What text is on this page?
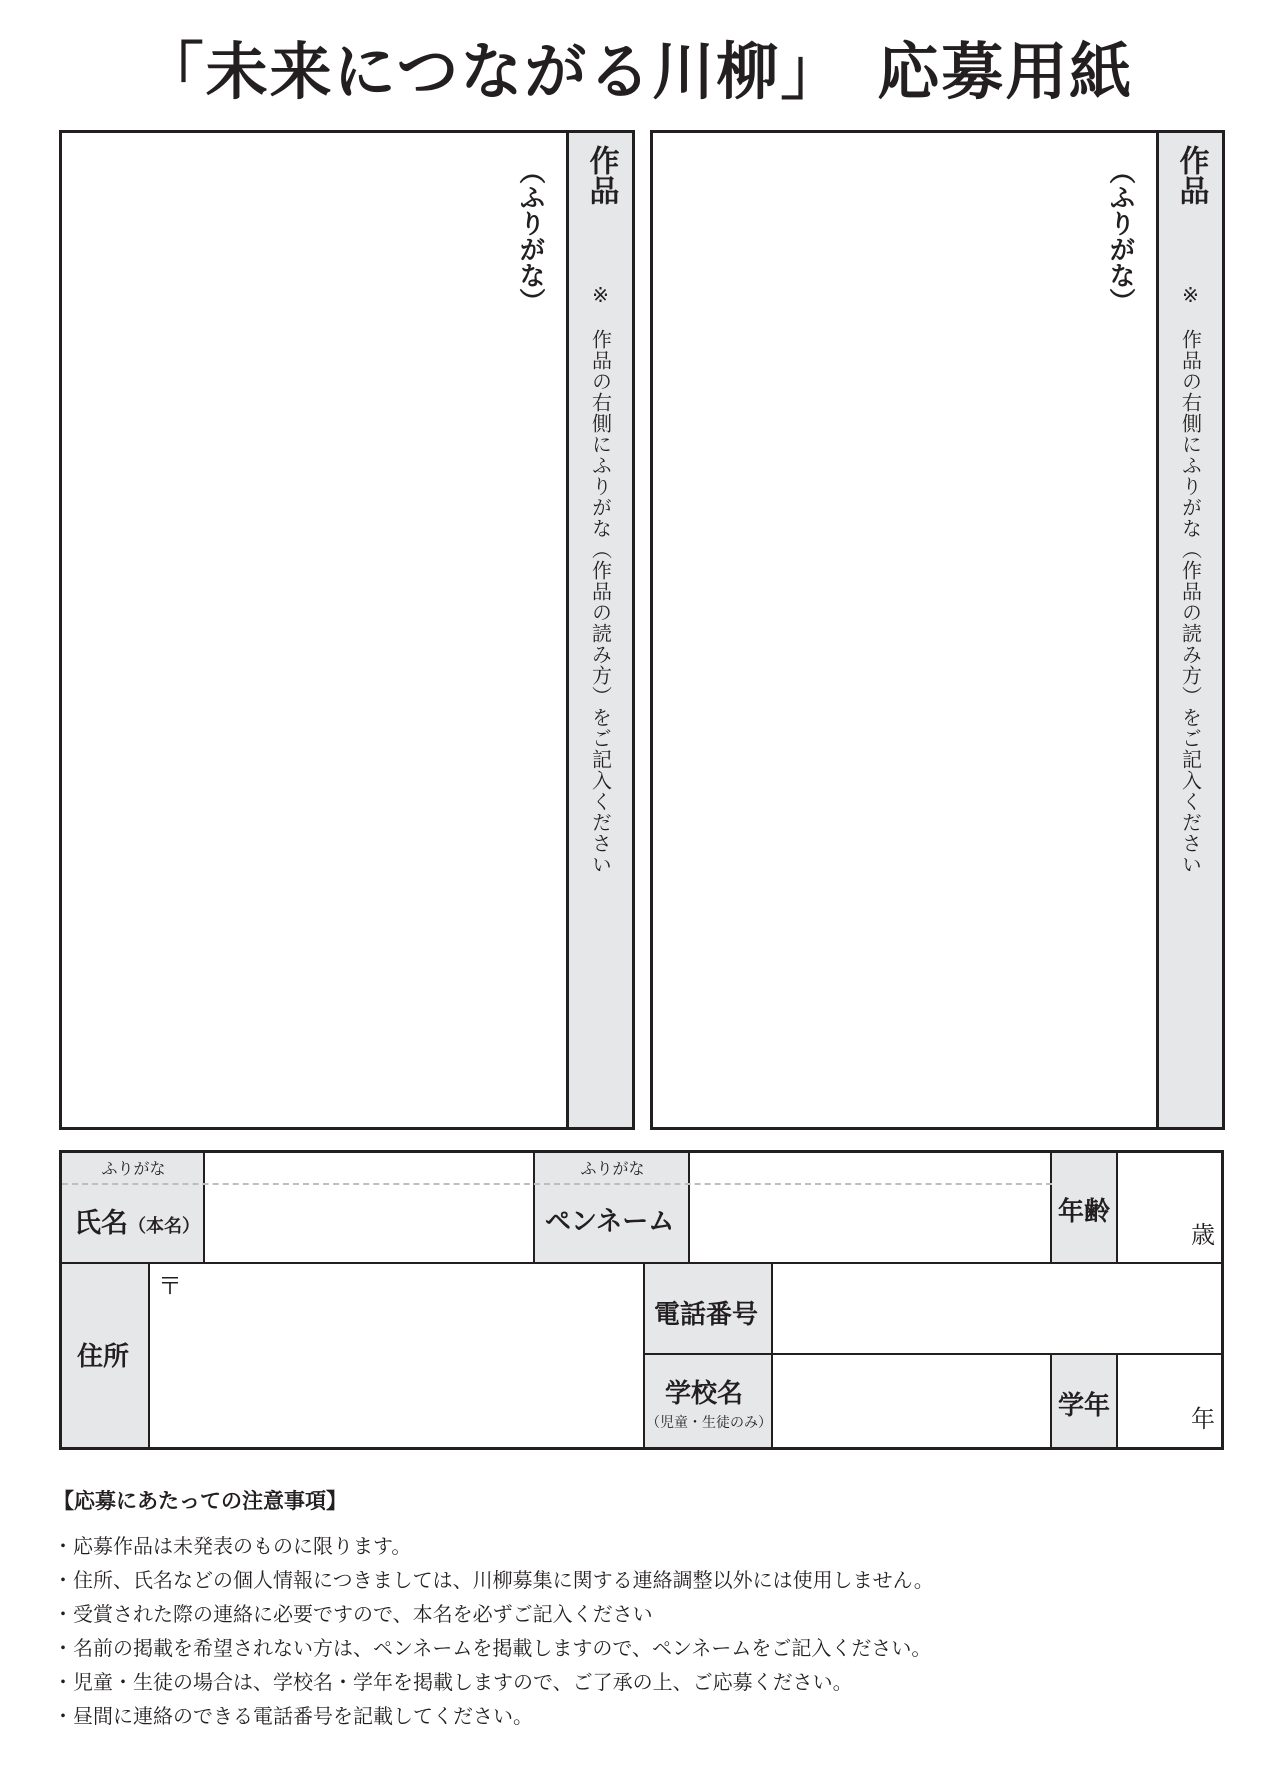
「未来につながる川柳」　応募用紙
（ふりがな） 作品
※　作品の右側にふりがな（作品の読み方）をご記入ください
（ふりがな） 作品
※　作品の右側にふりがな（作品の読み方）をご記入ください
ふりがな
氏名（本名）
ふりがな
ペンネーム	年齢
歳
住所
〒
電話番号
学校名
（児童・生徒のみ）
学年	年
【応募にあたっての注意事項】
・応募作品は未発表のものに限ります。
・住所、氏名などの個人情報につきましては、川柳募集に関する連絡調整以外には使用しません。
・受賞された際の連絡に必要ですので、本名を必ずご記入ください
・名前の掲載を希望されない方は、ペンネームを掲載しますので、ペンネームをご記入ください。
・児童・生徒の場合は、学校名・学年を掲載しますので、ご了承の上、ご応募ください。
・昼間に連絡のできる電話番号を記載してください。
